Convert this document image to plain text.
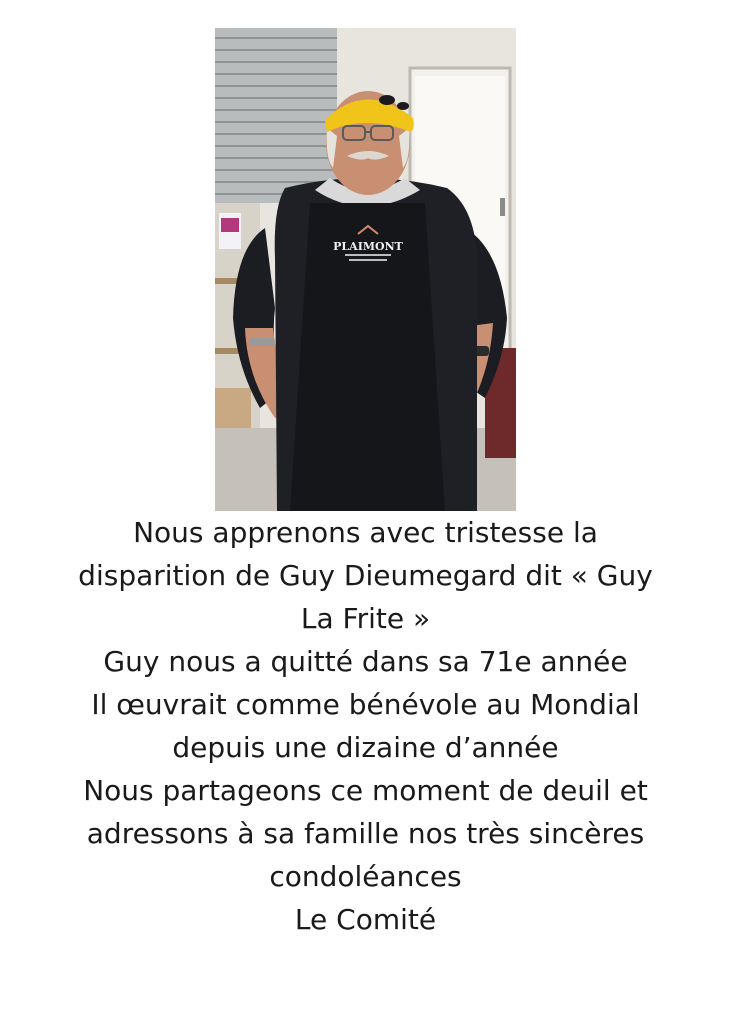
PLAIMONT
Nous apprenons avec tristesse la
disparition de Guy Dieumegard dit « Guy
La Frite »
Guy nous a quitté dans sa 71e année
Il œuvrait comme bénévole au Mondial
depuis une dizaine d’année
Nous partageons ce moment de deuil et
adressons à sa famille nos très sincères
condoléances
Le Comité
